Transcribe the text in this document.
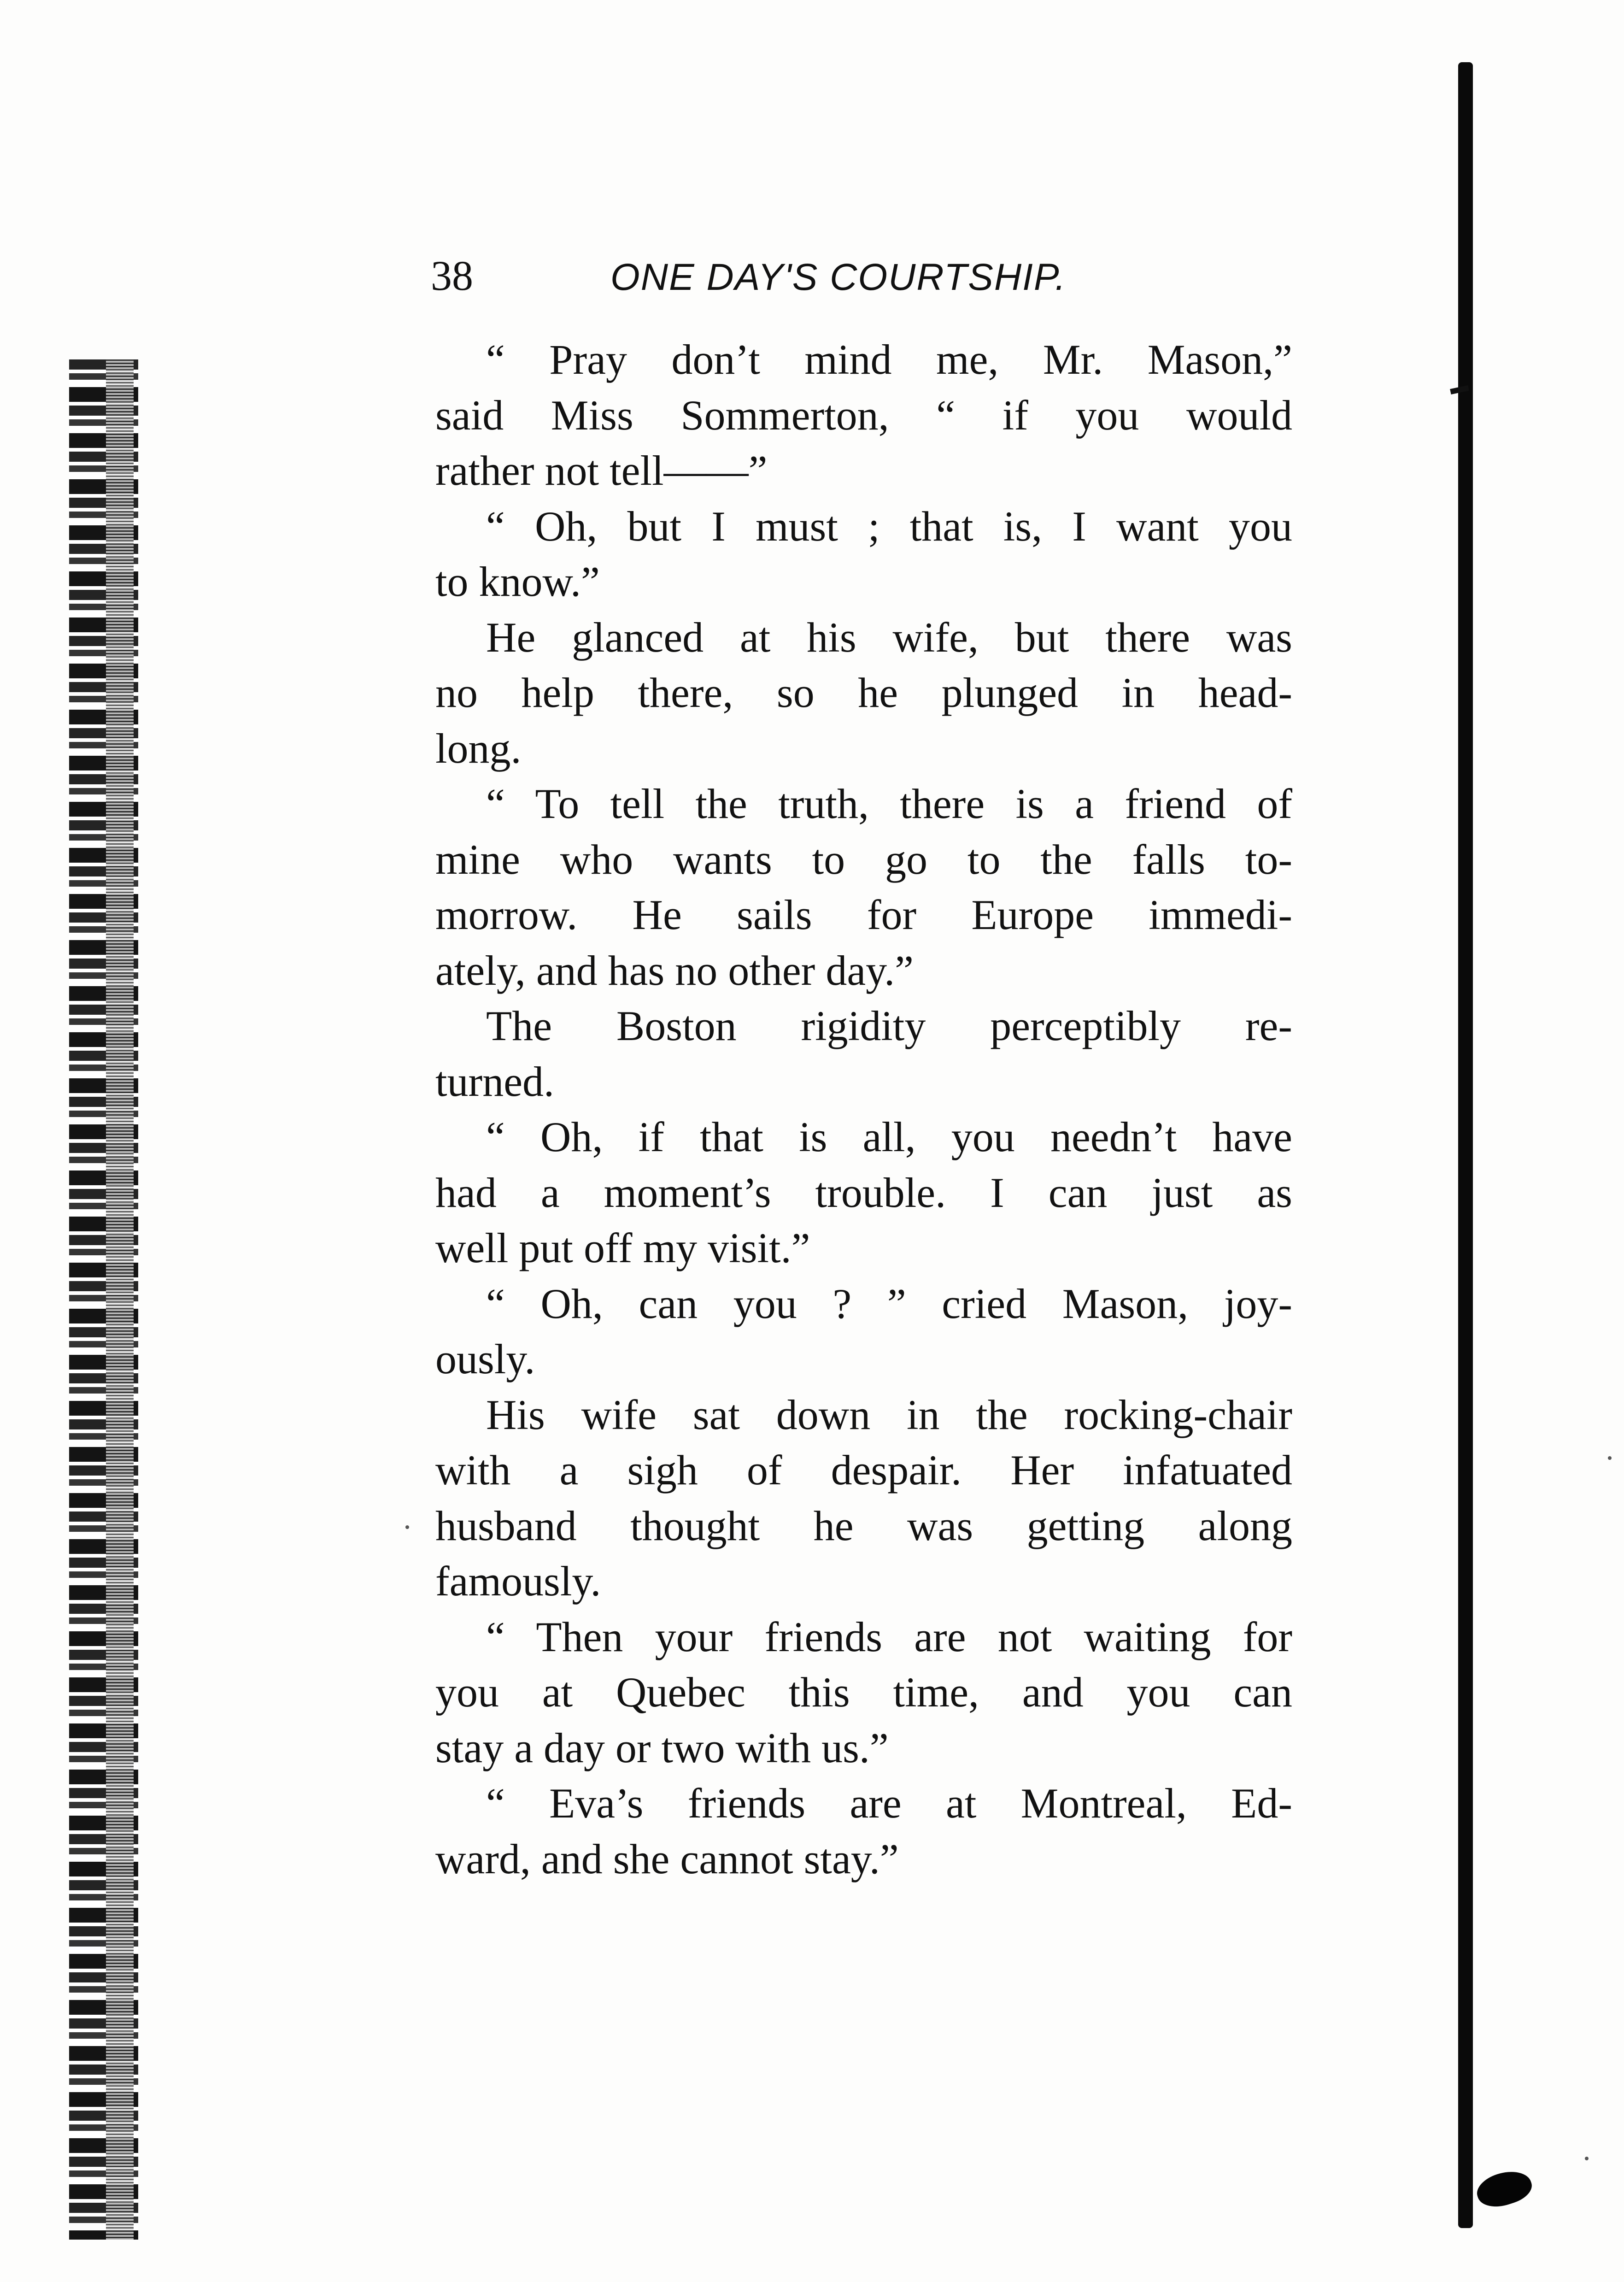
38	ONE DAY'S COURTSHIP.
“ Pray don’t mind me, Mr. Mason,”
said Miss Sommerton, “ if you would
rather not tell——”
“ Oh, but I must ; that is, I want you
to know.”
He glanced at his wife, but there was
no help there, so he plunged in head-
long.
“ To tell the truth, there is a friend of
mine who wants to go to the falls to-
morrow. He sails for Europe immedi-
ately, and has no other day.”
The Boston rigidity perceptibly re-
turned.
“ Oh, if that is all, you needn’t have
had a moment’s trouble. I can just as
well put off my visit.”
“ Oh, can you ? ” cried Mason, joy-
ously.
His wife sat down in the rocking-chair
with a sigh of despair. Her infatuated
husband thought he was getting along
famously.
“ Then your friends are not waiting for
you at Quebec this time, and you can
stay a day or two with us.”
“ Eva’s friends are at Montreal, Ed-
ward, and she cannot stay.”
